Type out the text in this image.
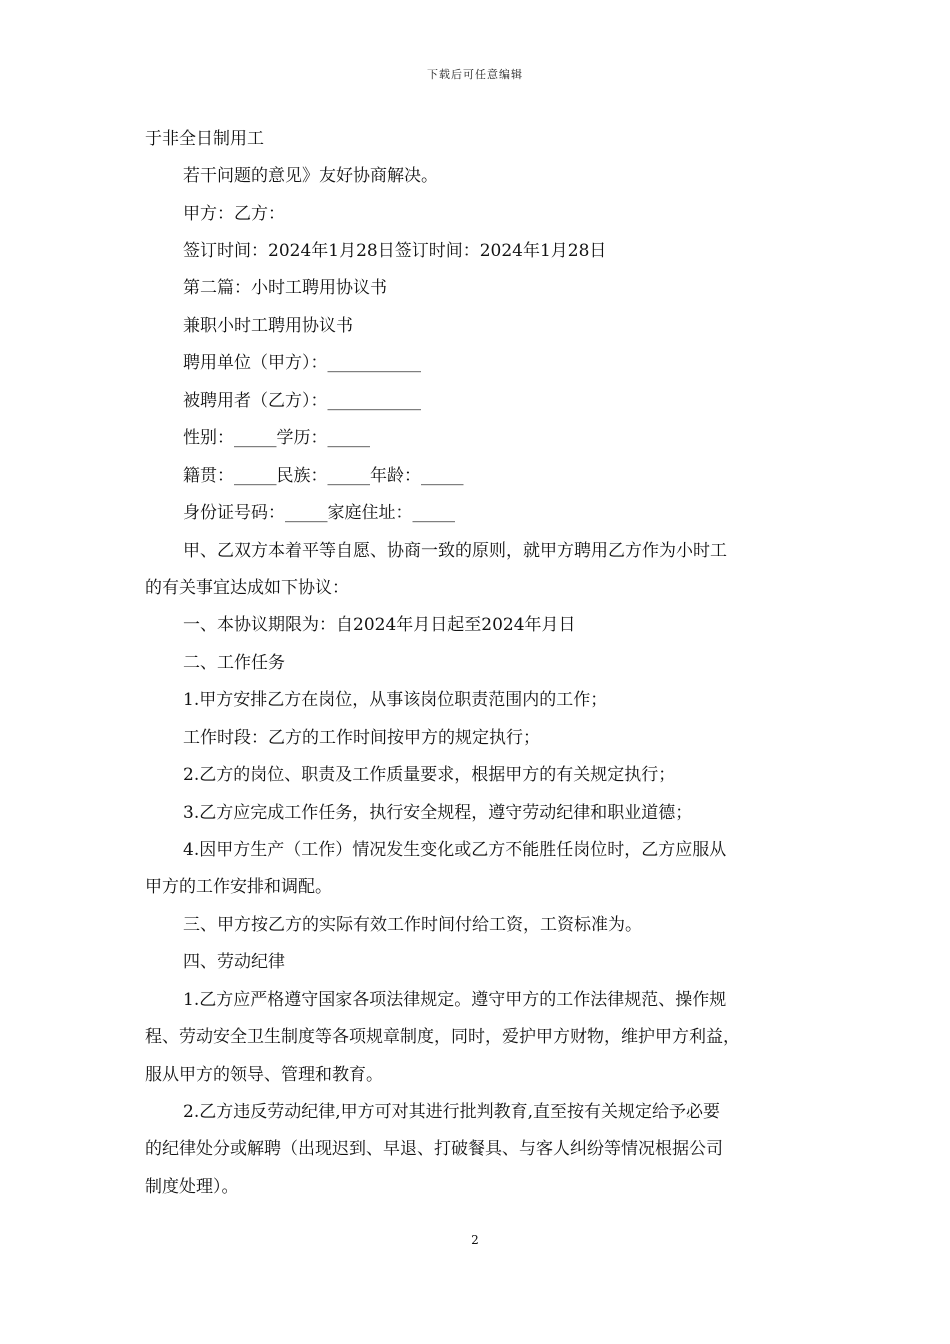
下载后可任意编辑
于非全日制用工
若干问题的意见》友好协商解决。
甲方：乙方：
签订时间：2024年1月28日签订时间：2024年1月28日
第二篇：小时工聘用协议书
兼职小时工聘用协议书
聘用单位（甲方）：___________
被聘用者（乙方）：___________
性别：_____学历：_____
籍贯：_____民族：_____年龄：_____
身份证号码：_____家庭住址：_____
甲、乙双方本着平等自愿、协商一致的原则，就甲方聘用乙方作为小时工
的有关事宜达成如下协议：
一、本协议期限为：自2024年月日起至2024年月日
二、工作任务
1.甲方安排乙方在岗位，从事该岗位职责范围内的工作；
工作时段：乙方的工作时间按甲方的规定执行；
2.乙方的岗位、职责及工作质量要求，根据甲方的有关规定执行；
3.乙方应完成工作任务，执行安全规程，遵守劳动纪律和职业道德；
4.因甲方生产（工作）情况发生变化或乙方不能胜任岗位时，乙方应服从
甲方的工作安排和调配。
三、甲方按乙方的实际有效工作时间付给工资，工资标准为。
四、劳动纪律
1.乙方应严格遵守国家各项法律规定。遵守甲方的工作法律规范、操作规
程、劳动安全卫生制度等各项规章制度，同时，爱护甲方财物，维护甲方利益，
服从甲方的领导、管理和教育。
2.乙方违反劳动纪律,甲方可对其进行批判教育,直至按有关规定给予必要
的纪律处分或解聘（出现迟到、早退、打破餐具、与客人纠纷等情况根据公司
制度处理）。
2
